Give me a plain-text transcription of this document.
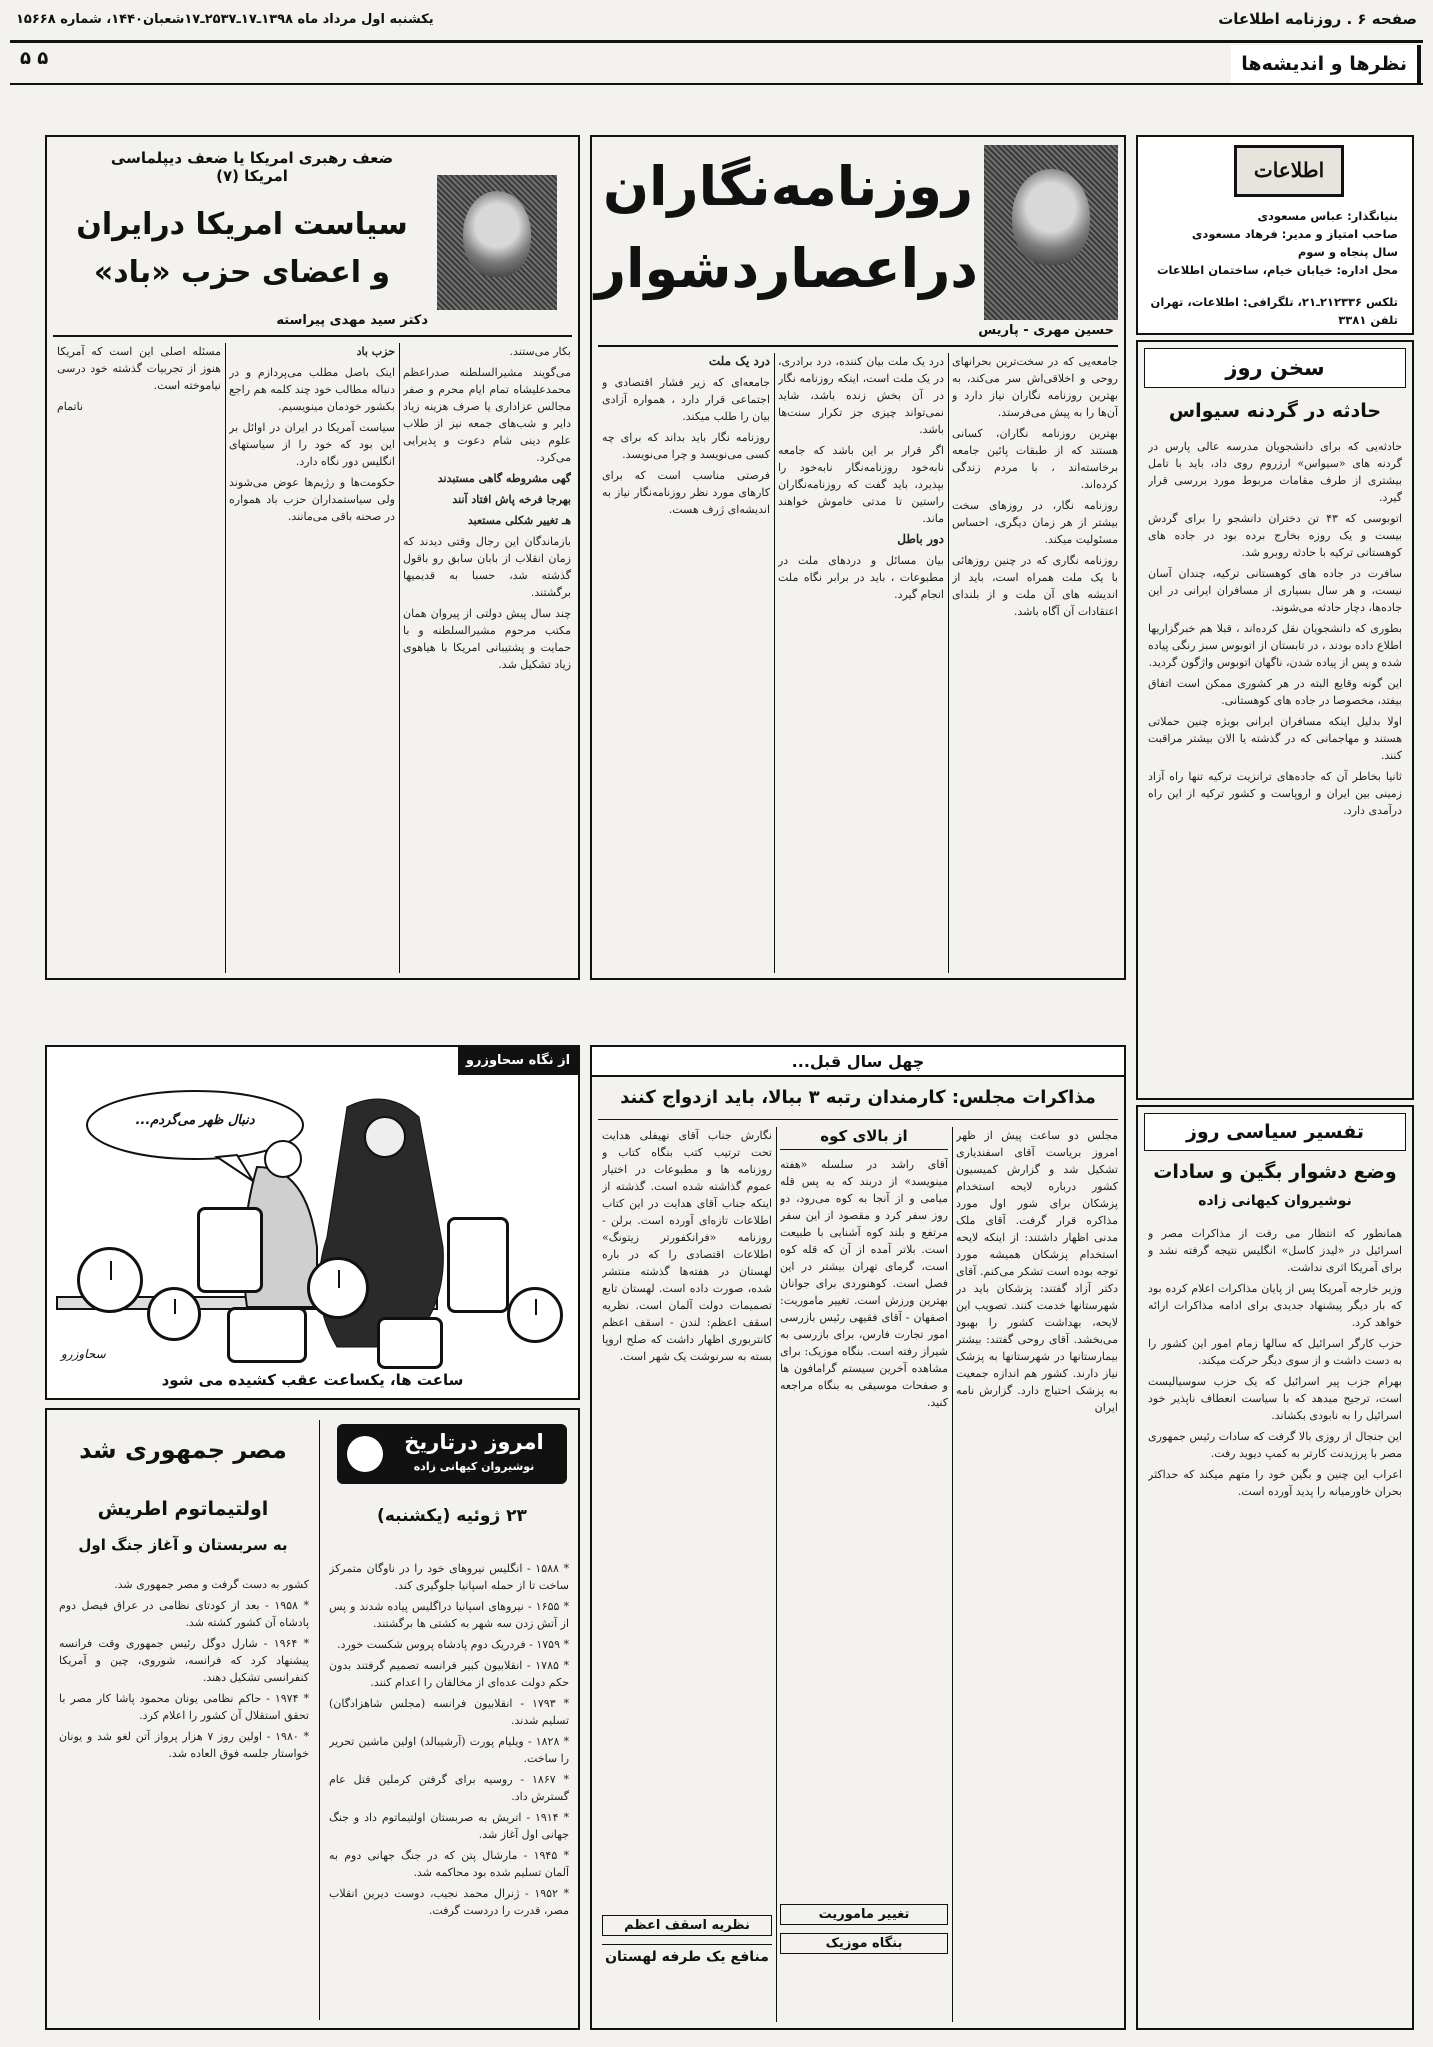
صفحه ۶ . روزنامه اطلاعات
یکشنبه اول مرداد ماه ۱۳۹۸ـ۱۷ـ۲۵۳۷ـ۱۷شعبان۱۴۴۰، شماره ۱۵۶۶۸
نظرها و اندیشه‌ها
۵ ۵
اطلاعات
بنیانگذار: عباس مسعودی
صاحب امتیاز و مدیر: فرهاد مسعودی
سال پنجاه و سوم
محل اداره: خیابان خیام، ساختمان اطلاعات
تلکس ۲۱۲۳۳۶ـ۲۱، تلگرافی: اطلاعات، تهران
تلفن ۳۳۸۱
سخن روز
حادثه در گردنه سیواس

حادثه‌یی که برای دانشجویان مدرسه عالی پارس در گردنه های «سیواس» ارزروم روی داد، باید با تامل بیشتری از طرف مقامات مربوط مورد بررسی قرار گیرد.

اتوبوسی که ۴۳ تن دختران دانشجو را برای گردش بیست و یک روزه بخارج برده بود در جاده های کوهستانی ترکیه با حادثه روبرو شد.

سافرت در جاده های کوهستانی ترکیه، چندان آسان نیست، و هر سال بسیاری از مسافران ایرانی در این جاده‌ها، دچار حادثه می‌شوند.

بطوری که دانشجویان نقل کرده‌اند ، قبلا هم خبرگزاریها اطلاع داده بودند ، در تابستان از اتوبوس سبز رنگی پیاده شده و پس از پیاده شدن، ناگهان اتوبوس واژگون گردید.

این گونه وقایع البته در هر کشوری ممکن است اتفاق بیفتد، مخصوصا در جاده های کوهستانی.

اولا بدلیل اینکه مسافران ایرانی بویژه چنین حملاتی هستند و مهاجمانی که در گذشته یا الان بیشتر مراقبت کنند.

ثانیا بخاطر آن که جاده‌های ترانزیت ترکیه تنها راه آزاد زمینی بین ایران و اروپاست و کشور ترکیه از این راه درآمدی دارد.

تفسیر سیاسی روز
وضع دشوار بگین و سادات
نوشیروان کیهانی زاده

همانطور که انتظار می رفت از مذاکرات مصر و اسرائیل در «لیدز کاسل» انگلیس نتیجه گرفته نشد و برای آمریکا اثری نداشت.

وزیر خارجه آمریکا پس از پایان مذاکرات اعلام کرده بود که بار دیگر پیشنهاد جدیدی برای ادامه مذاکرات ارائه خواهد کرد.

حزب کارگر اسرائیل که سالها زمام امور این کشور را به دست داشت و از سوی دیگر حرکت میکند.

بهرام جزب پیر اسرائیل که یک حزب سوسیالیست است، ترجیح میدهد که با سیاست انعطاف ناپذیر خود اسرائیل را به نابودی بکشاند.

این جنجال از روزی بالا گرفت که سادات رئیس جمهوری مصر با پرزیدنت کارتر به کمپ دیوید رفت.

اعراب این چنین و بگین خود را متهم میکند که حداکثر بحران خاورمیانه را پدید آورده است.

حسین مهری - پاریس
روزنامه‌نگاران
دراعصاردشوار

جامعه‌یی که در سخت‌ترین بحرانهای روحی و اخلاقی‌اش سر می‌کند، به بهترین روزنامه نگاران نیاز دارد و آن‌ها را به پیش می‌فرستد.

بهترین روزنامه نگاران، کسانی هستند که از طبقات پائین جامعه برخاسته‌اند ، با مردم زندگی کرده‌اند.

روزنامه نگار، در روزهای سخت بیشتر از هر زمان دیگری، احساس مسئولیت میکند.

روزنامه نگاری که در چنین روزهائی با یک ملت همراه است، باید از اندیشه های آن ملت و از بلندای اعتقادات آن آگاه باشد.

درد یک ملت بیان کننده، درد برادری، در یک ملت است، اینکه روزنامه نگار در آن بخش زنده باشد، شاید نمی‌تواند چیزی جز تکرار سنت‌ها باشد.

اگر قرار بر این باشد که جامعه نابه‌خود روزنامه‌نگار نابه‌خود را بپذیرد، باید گفت که روزنامه‌نگاران راستین تا مدتی خاموش خواهند ماند.

دور باطل

بیان مسائل و دردهای ملت در مطبوعات ، باید در برابر نگاه ملت انجام گیرد.

درد یک ملت

جامعه‌ای که زیر فشار اقتصادی و اجتماعی قرار دارد ، همواره آزادی بیان را طلب میکند.

روزنامه نگار باید بداند که برای چه کسی می‌نویسد و چرا می‌نویسد.

فرصتی مناسب است که برای کارهای مورد نظر روزنامه‌نگار نیاز به اندیشه‌ای ژرف هست.

ضعف رهبری امریکا یا ضعف دیپلماسی امریکا (۷)
سیاست امریکا درایران
و اعضای حزب «باد»
دکتر سید مهدی پیراسته

بکار می‌ستند.

می‌گویند مشیرالسلطنه صدراعظم محمدعلیشاه تمام ایام محرم و صفر مجالس عزاداری یا صرف هزینه زیاد دایر و شب‌های جمعه نیز از طلاب علوم دینی شام دعوت و پذیرایی می‌کرد.

گهی مشروطه گاهی مستبدند

بهرجا فرخه پاش افتاد آنند

هـ تغییر شکلی مستعبد

بازماندگان این رجال وقتی دیدند که زمان انقلاب از بابان سابق رو باقول گذشته شد، حسبا به قدیمیها برگشتند.

چند سال پیش دولتی از پیروان همان مکتب مرحوم مشیرالسلطنه و با حمایت و پشتیبانی امریکا با هیاهوی زیاد تشکیل شد.

حزب باد

اینک باصل مطلب می‌پردازم و در دنباله مطالب خود چند کلمه هم راجع بکشور خودمان مینویسیم.

سیاست آمریکا در ایران در اوائل بر این بود که خود را از سیاستهای انگلیس دور نگاه دارد.

حکومت‌ها و رژیم‌ها عوض می‌شوند ولی سیاستمداران حزب باد همواره در صحنه باقی می‌مانند.

مسئله اصلی این است که آمریکا هنوز از تجربیات گذشته خود درسی نیاموخته است.

ناتمام

از نگاه سحاوزرو
دنبال ظهر می‌گردم...
سحاوزرو
ساعت ها، یکساعت عقب کشیده می شود
چهل سال قبل...
مذاکرات مجلس: کارمندان رتبه ۳ ببالا، باید ازدواج کنند
مجلس دو ساعت پیش از ظهر امروز بریاست آقای اسفندیاری تشکیل شد و گزارش کمیسیون کشور درباره لایحه استخدام پزشکان برای شور اول مورد مذاکره قرار گرفت. آقای ملک مدنی اظهار داشتند: از اینکه لایحه استخدام پزشکان همیشه مورد توجه بوده است تشکر می‌کنم. آقای دکتر آزاد گفتند: پزشکان باید در شهرستانها خدمت کنند. تصویب این لایحه، بهداشت کشور را بهبود می‌بخشد. آقای روحی گفتند: بیشتر بیمارستانها در شهرستانها به پزشک نیاز دارند. کشور هم اندازه جمعیت به پزشک احتیاج دارد. گزارش نامه ایران
از بالای کوه
آقای راشد در سلسله «هفته مینویسد» از دربند که به پس قله میامی و از آنجا به کوه می‌رود، دو روز سفر کرد و مقصود از این سفر مرتفع و بلند کوه آشنایی با طبیعت است. بلاتر آمده از آن که قله کوه است، گرمای تهران بیشتر در این فصل است. کوهنوردی برای جوانان بهترین ورزش است. تغییر ماموریت: اصفهان - آقای فقیهی رئیس بازرسی امور تجارت فارس، برای بازرسی به شیراز رفته است. بنگاه موزیک: برای مشاهده آخرین سیستم گرامافون ها و صفحات موسیقی به بنگاه مراجعه کنید.
تغییر ماموریت
بنگاه موزیک
نگارش جناب آقای نهیفلی هدایت تحت ترتیب کتب بنگاه کتاب و روزنامه ها و مطبوعات در اختیار عموم گذاشته شده است. گذشته از اینکه جناب آقای هدایت در این کتاب اطلاعات تازه‌ای آورده است. برلن - روزنامه «فرانکفورتر زیتونگ» اطلاعات اقتصادی را که در باره لهستان در هفته‌ها گذشته منتشر شده، صورت داده است. لهستان تابع تصمیمات دولت آلمان است. نظریه اسقف اعظم: لندن - اسقف اعظم کانتربوری اظهار داشت که صلح اروپا بسته به سرنوشت یک شهر است.
نظریه اسقف اعظم
منافع یک طرفه لهستان
امروز درتاریخ
نوشیروان کیهانی زاده
۲۳ ژوئیه (یکشنبه)

* ۱۵۸۸ - انگلیس نیروهای خود را در ناوگان متمرکز ساخت تا از حمله اسپانیا جلوگیری کند.

* ۱۶۵۵ - نیروهای اسپانیا دراگلیس پیاده شدند و پس از آتش زدن سه شهر به کشتی ها برگشتند.

* ۱۷۵۹ - فردریک دوم پادشاه پروس شکست خورد.

* ۱۷۸۵ - انقلابیون کبیر فرانسه تصمیم گرفتند بدون حکم دولت عده‌ای از مخالفان را اعدام کنند.

* ۱۷۹۳ - انقلابیون فرانسه (مجلس شاهزادگان) تسلیم شدند.

* ۱۸۲۸ - ویلیام پورت (آرشیبالد) اولین ماشین تحریر را ساخت.

* ۱۸۶۷ - روسیه برای گرفتن کرملین قتل عام گسترش داد.

* ۱۹۱۴ - اتریش به صربستان اولتیماتوم داد و جنگ جهانی اول آغاز شد.

* ۱۹۴۵ - مارشال پتن که در جنگ جهانی دوم به آلمان تسلیم شده بود محاکمه شد.

* ۱۹۵۲ - ژنرال محمد نجیب، دوست دیرین انقلاب مصر، قدرت را دردست گرفت.

مصر جمهوری شد
اولتیماتوم اطریش
به سربستان و آغاز جنگ اول

کشور به دست گرفت و مصر جمهوری شد.

* ۱۹۵۸ - بعد از کودتای نظامی در عراق فیصل دوم پادشاه آن کشور کشته شد.

* ۱۹۶۴ - شارل دوگل رئیس جمهوری وقت فرانسه پیشنهاد کرد که فرانسه، شوروی، چین و آمریکا کنفرانسی تشکیل دهند.

* ۱۹۷۴ - حاکم نظامی یونان محمود پاشا کار مصر با تحقق استقلال آن کشور را اعلام کرد.

* ۱۹۸۰ - اولین روز ۷ هزار پرواز آتن لغو شد و یونان خواستار جلسه فوق العاده شد.
